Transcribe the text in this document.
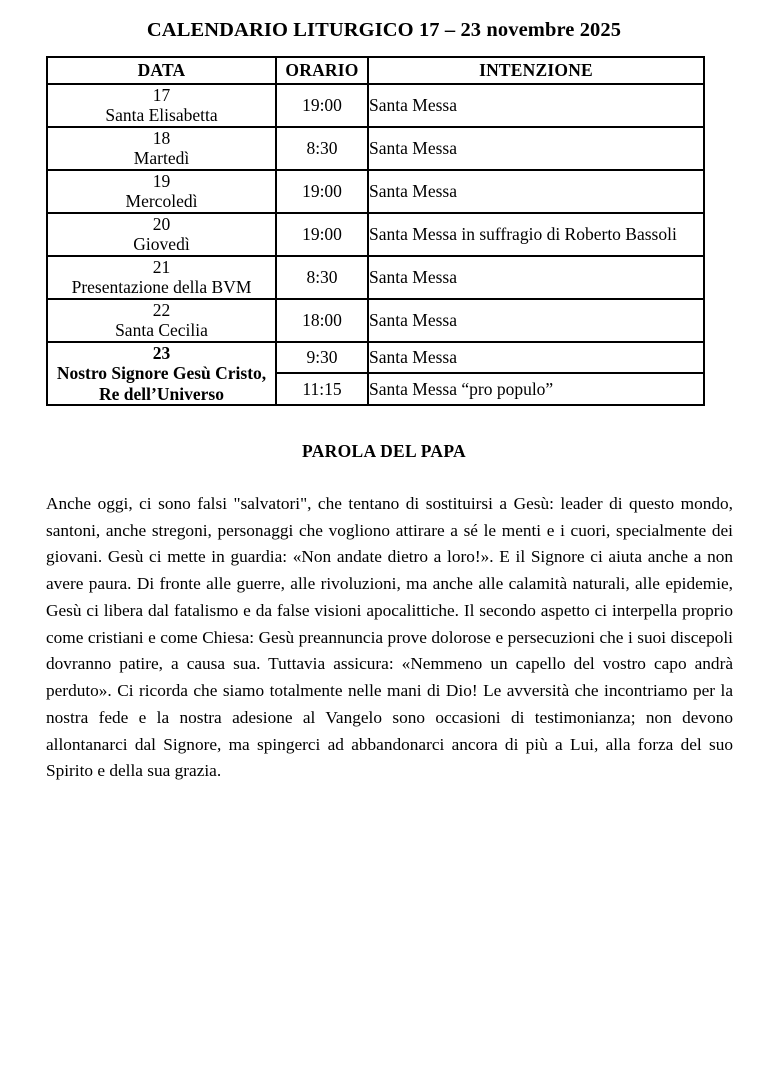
CALENDARIO LITURGICO 17 – 23 novembre 2025
DATA	ORARIO	INTENZIONE

17
Santa Elisabetta	19:00	Santa Messa

18
Martedì	8:30	Santa Messa

19
Mercoledì	19:00	Santa Messa

20
Giovedì	19:00	Santa Messa in suffragio di Roberto Bassoli

21
Presentazione della BVM	8:30	Santa Messa

22
Santa Cecilia	18:00	Santa Messa

23
Nostro Signore Gesù Cristo, Re dell’Universo	9:30	Santa Messa
	11:15	Santa Messa “pro populo”
PAROLA DEL PAPA

Anche oggi, ci sono falsi "salvatori", che tentano di sostituirsi a Gesù: leader di questo mondo, santoni, anche stregoni, personaggi che vogliono attirare a sé le menti e i cuori, specialmente dei giovani. Gesù ci mette in guardia: «Non andate dietro a loro!». E il Signore ci aiuta anche a non avere paura. Di fronte alle guerre, alle rivoluzioni, ma anche alle calamità naturali, alle epidemie, Gesù ci libera dal fatalismo e da false visioni apocalittiche. Il secondo aspetto ci interpella proprio come cristiani e come Chiesa: Gesù preannuncia prove dolorose e persecuzioni che i suoi discepoli dovranno patire, a causa sua. Tuttavia assicura: «Nemmeno un capello del vostro capo andrà perduto». Ci ricorda che siamo totalmente nelle mani di Dio! Le avversità che incontriamo per la nostra fede e la nostra adesione al Vangelo sono occasioni di testimonianza; non devono allontanarci dal Signore, ma spingerci ad abbandonarci ancora di più a Lui, alla forza del suo Spirito e della sua grazia.
